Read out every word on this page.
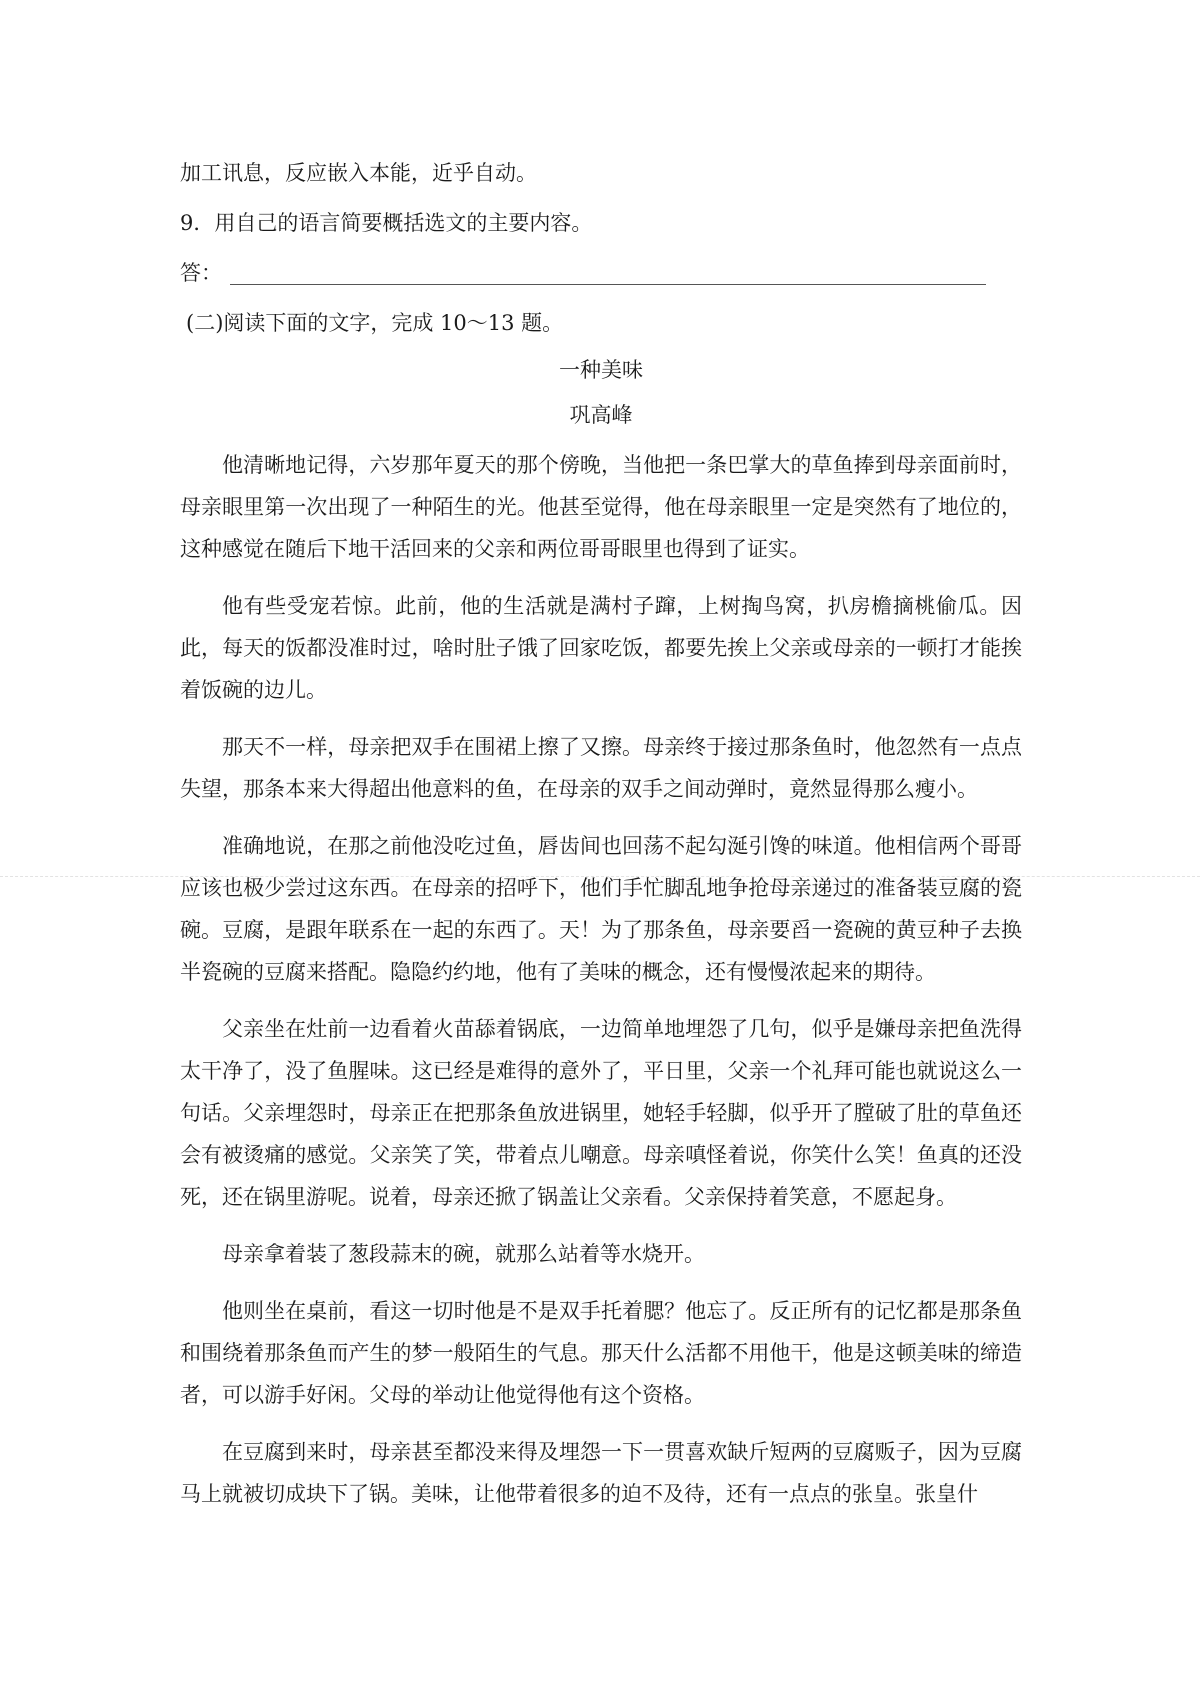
加工讯息，反应嵌入本能，近乎自动。

9．用自己的语言简要概括选文的主要内容。

答：

(二)阅读下面的文字，完成 10～13 题。

一种美味

巩高峰

他清晰地记得，六岁那年夏天的那个傍晚，当他把一条巴掌大的草鱼捧到母亲面前时，母亲眼里第一次出现了一种陌生的光。他甚至觉得，他在母亲眼里一定是突然有了地位的，这种感觉在随后下地干活回来的父亲和两位哥哥眼里也得到了证实。

他有些受宠若惊。此前，他的生活就是满村子蹿，上树掏鸟窝，扒房檐摘桃偷瓜。因此，每天的饭都没准时过，啥时肚子饿了回家吃饭，都要先挨上父亲或母亲的一顿打才能挨着饭碗的边儿。

那天不一样，母亲把双手在围裙上擦了又擦。母亲终于接过那条鱼时，他忽然有一点点失望，那条本来大得超出他意料的鱼，在母亲的双手之间动弹时，竟然显得那么瘦小。

准确地说，在那之前他没吃过鱼，唇齿间也回荡不起勾涎引馋的味道。他相信两个哥哥应该也极少尝过这东西。在母亲的招呼下，他们手忙脚乱地争抢母亲递过的准备装豆腐的瓷碗。豆腐，是跟年联系在一起的东西了。天！为了那条鱼，母亲要舀一瓷碗的黄豆种子去换半瓷碗的豆腐来搭配。隐隐约约地，他有了美味的概念，还有慢慢浓起来的期待。

父亲坐在灶前一边看着火苗舔着锅底，一边简单地埋怨了几句，似乎是嫌母亲把鱼洗得太干净了，没了鱼腥味。这已经是难得的意外了，平日里，父亲一个礼拜可能也就说这么一句话。父亲埋怨时，母亲正在把那条鱼放进锅里，她轻手轻脚，似乎开了膛破了肚的草鱼还会有被烫痛的感觉。父亲笑了笑，带着点儿嘲意。母亲嗔怪着说，你笑什么笑！鱼真的还没死，还在锅里游呢。说着，母亲还掀了锅盖让父亲看。父亲保持着笑意，不愿起身。

母亲拿着装了葱段蒜末的碗，就那么站着等水烧开。

他则坐在桌前，看这一切时他是不是双手托着腮？他忘了。反正所有的记忆都是那条鱼和围绕着那条鱼而产生的梦一般陌生的气息。那天什么活都不用他干，他是这顿美味的缔造者，可以游手好闲。父母的举动让他觉得他有这个资格。

在豆腐到来时，母亲甚至都没来得及埋怨一下一贯喜欢缺斤短两的豆腐贩子，因为豆腐马上就被切成块下了锅。美味，让他带着很多的迫不及待，还有一点点的张皇。张皇什
